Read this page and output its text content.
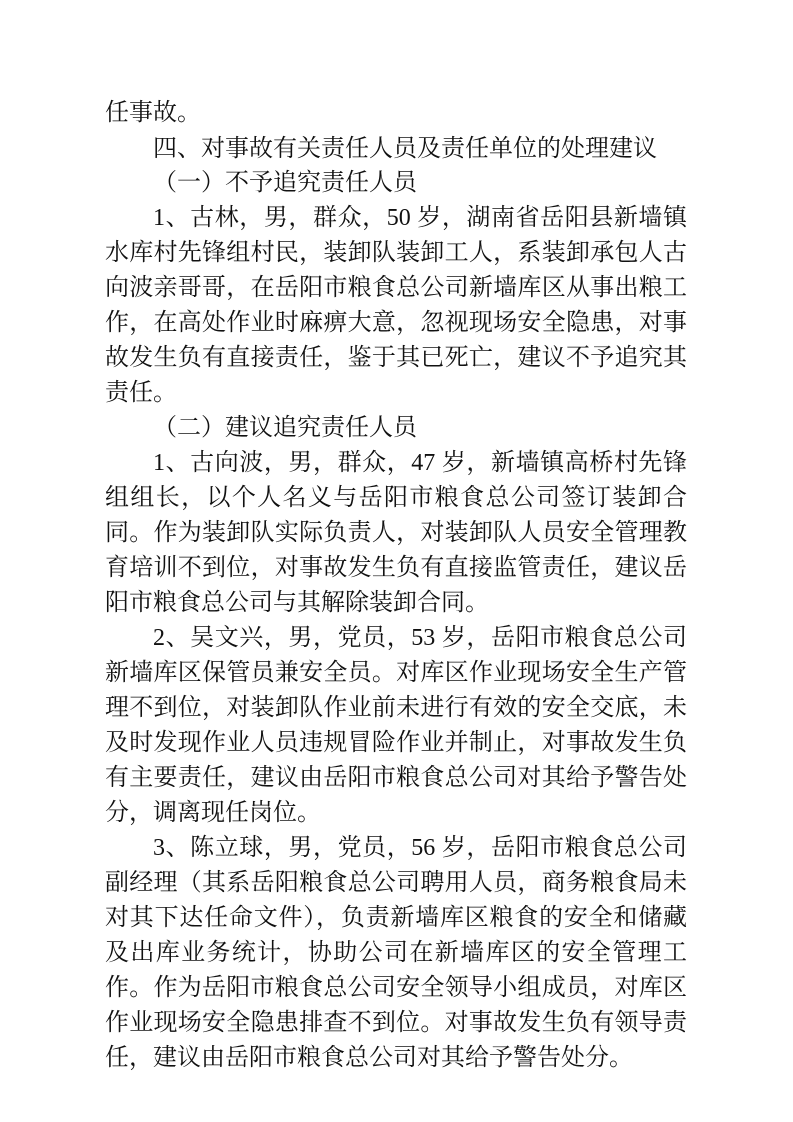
任事故。

四、对事故有关责任人员及责任单位的处理建议
（一）不予追究责任人员

1、古林，男，群众，50 岁，湖南省岳阳县新墙镇水库村先锋组村民，装卸队装卸工人，系装卸承包人古向波亲哥哥，在岳阳市粮食总公司新墙库区从事出粮工作，在高处作业时麻痹大意，忽视现场安全隐患，对事故发生负有直接责任，鉴于其已死亡，建议不予追究其责任。

（二）建议追究责任人员

1、古向波，男，群众，47 岁，新墙镇高桥村先锋组组长，以个人名义与岳阳市粮食总公司签订装卸合同。作为装卸队实际负责人，对装卸队人员安全管理教育培训不到位，对事故发生负有直接监管责任，建议岳阳市粮食总公司与其解除装卸合同。

2、吴文兴，男，党员，53 岁，岳阳市粮食总公司新墙库区保管员兼安全员。对库区作业现场安全生产管理不到位，对装卸队作业前未进行有效的安全交底，未及时发现作业人员违规冒险作业并制止，对事故发生负有主要责任，建议由岳阳市粮食总公司对其给予警告处分，调离现任岗位。

3、陈立球，男，党员，56 岁，岳阳市粮食总公司副经理（其系岳阳粮食总公司聘用人员，商务粮食局未对其下达任命文件），负责新墙库区粮食的安全和储藏及出库业务统计，协助公司在新墙库区的安全管理工作。作为岳阳市粮食总公司安全领导小组成员，对库区作业现场安全隐患排查不到位。对事故发生负有领导责任，建议由岳阳市粮食总公司对其给予警告处分。
